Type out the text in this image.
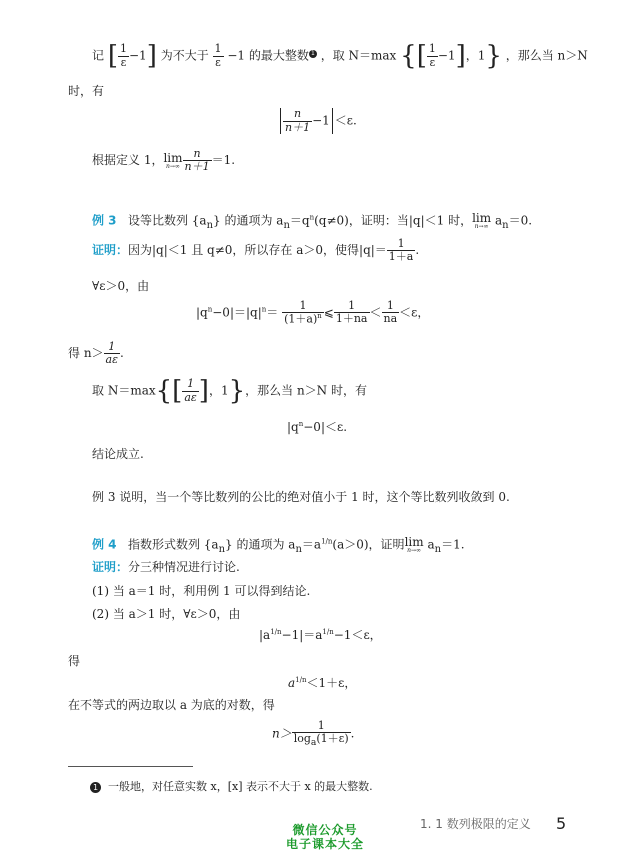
记 [ $\frac{1}{\varepsilon} -1$] 为不大于 $\frac{1}{\varepsilon} -1$ 的最大整数 1 ，取 N＝max {[ $\frac{1}{\varepsilon} -1$]，1} ，那么当 n＞N
时，有
$\frac{n}{n+1} -1 <\varepsilon$.
根据定义 1，lim
$n\to\infty \frac{n}{n+1} =1$.
例 3 设等比数列 $\{a_n\}$ 的通项为 $a_n=q^n(q\ne 0)$，证明：当|q|＜1 时，lim
n→∞ $a_n=0$.
证明：因为|q|＜1 且 q≠0，所以存在 a＞0，使得$|q|= \frac{1}{1+a}$ .
∀ε＞0，由
$|q^n-0|=|q|^n= \frac{1}{(1+a)^n}$ ⩽ $\frac{1}{1+na} < \frac{1}{na} <\varepsilon$，
得 $n> \frac{1}{a\varepsilon}$ .
取 $N=\max\{[ \frac{1}{a\varepsilon}$ ]，1}，那么当 n＞N 时，有
$|q^n-0|<\varepsilon$.
结论成立.
例 3 说明，当一个等比数列的公比的绝对值小于 1 时，这个等比数列收敛到 0.
例 4 指数形式数列 $\{a_n\}$ 的通项为 $a_n=a^{1/n}(a>0)$，证明lim
n→∞ $a_n=1$.
证明：分三种情况进行讨论.
(1) 当 a＝1 时，利用例 1 可以得到结论.
(2) 当 a＞1 时，∀ε＞0，由
$|a^{1/n}-1|=a^{1/n}-1<\varepsilon$，
得
$a^{1/n}<1+\varepsilon$，
在不等式的两边取以 a 为底的对数，得
$n> \frac{1}{\log_a(1+\varepsilon)}$ .
1 一般地，对任意实数 x，[x] 表示不大于 x 的最大整数.
1. 1 数列极限的定义 5
微信公众号
电子课本大全
